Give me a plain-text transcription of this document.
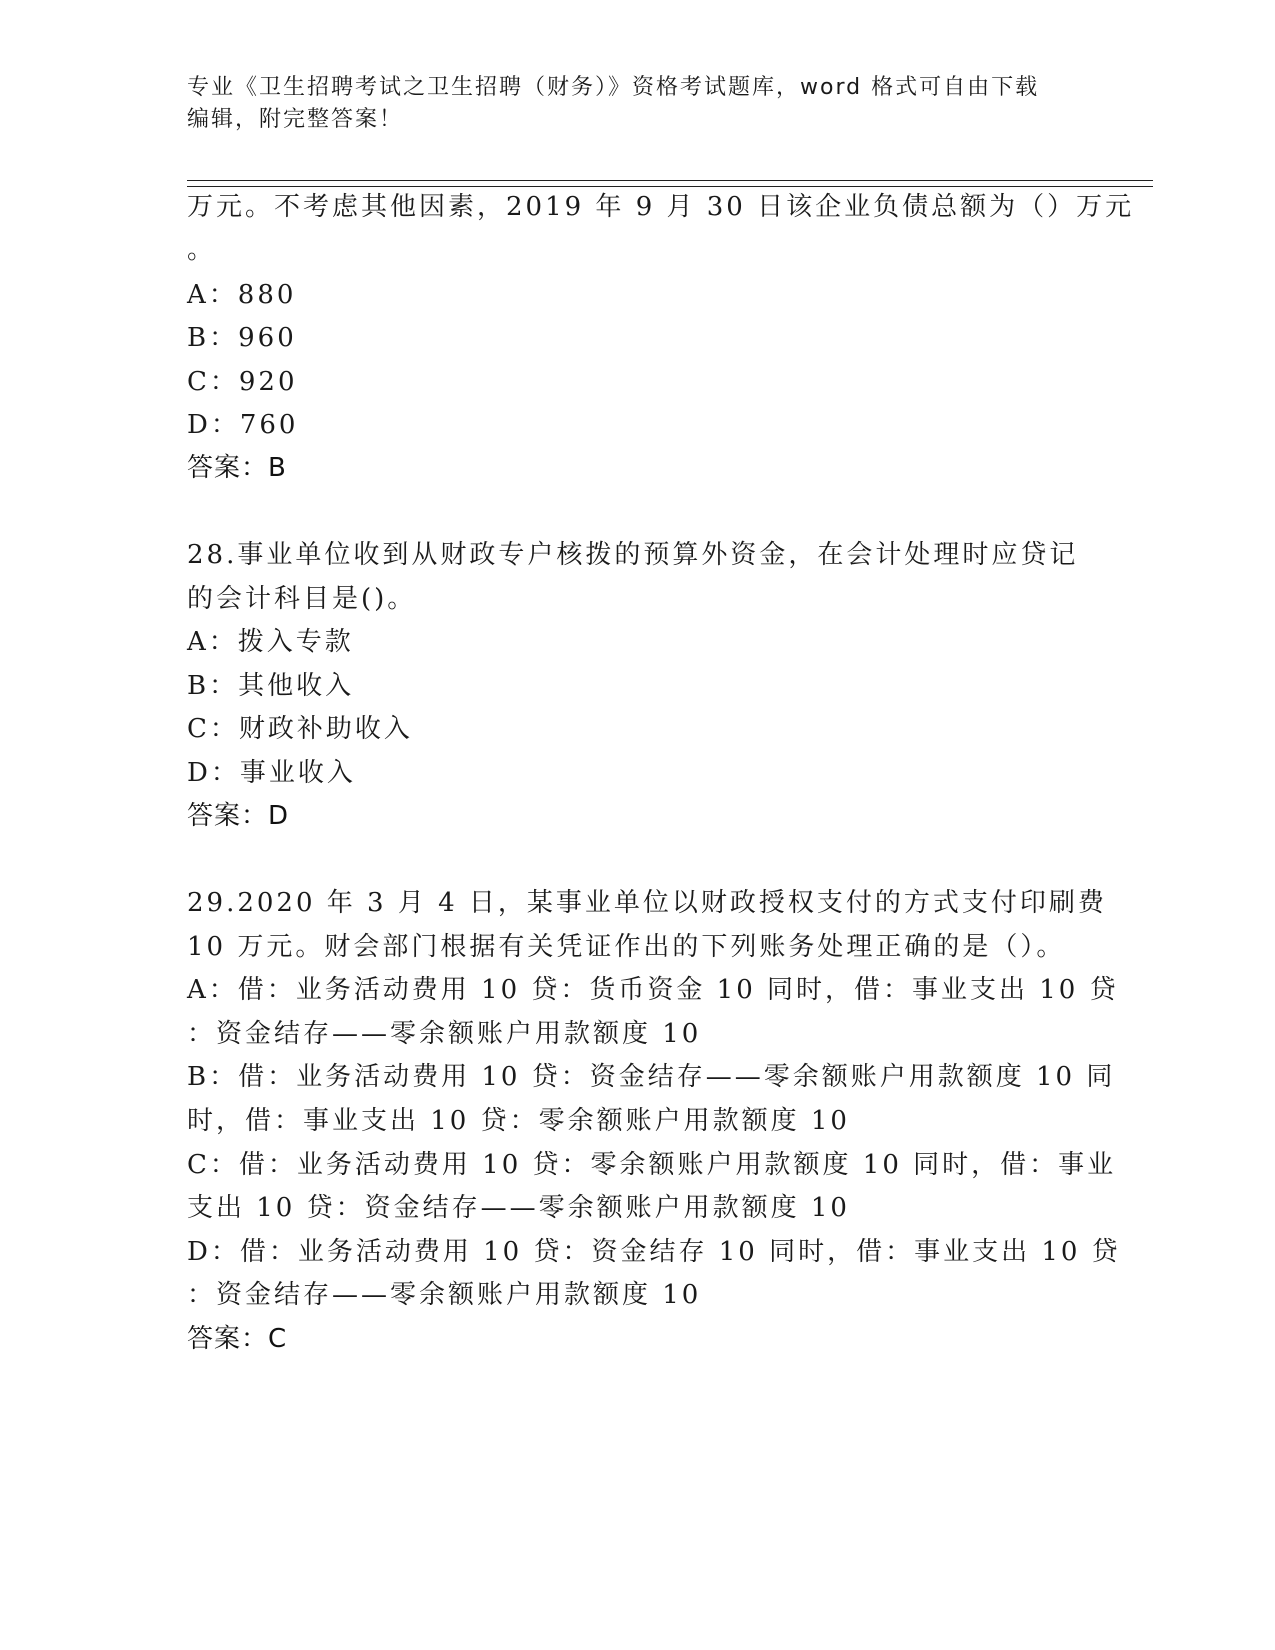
专业《卫生招聘考试之卫生招聘（财务）》资格考试题库，word 格式可自由下载
编辑，附完整答案！
万元。不考虑其他因素，2019 年 9 月 30 日该企业负债总额为（）万元
。
A：880
B：960
C：920
D：760
答案：B
28.事业单位收到从财政专户核拨的预算外资金，在会计处理时应贷记
的会计科目是()。
A：拨入专款
B：其他收入
C：财政补助收入
D：事业收入
答案：D
29.2020 年 3 月 4 日，某事业单位以财政授权支付的方式支付印刷费
10 万元。财会部门根据有关凭证作出的下列账务处理正确的是（）。
A：借：业务活动费用 10 贷：货币资金 10 同时，借：事业支出 10 贷
：资金结存——零余额账户用款额度 10
B：借：业务活动费用 10 贷：资金结存——零余额账户用款额度 10 同
时，借：事业支出 10 贷：零余额账户用款额度 10
C：借：业务活动费用 10 贷：零余额账户用款额度 10 同时，借：事业
支出 10 贷：资金结存——零余额账户用款额度 10
D：借：业务活动费用 10 贷：资金结存 10 同时，借：事业支出 10 贷
：资金结存——零余额账户用款额度 10
答案：C
